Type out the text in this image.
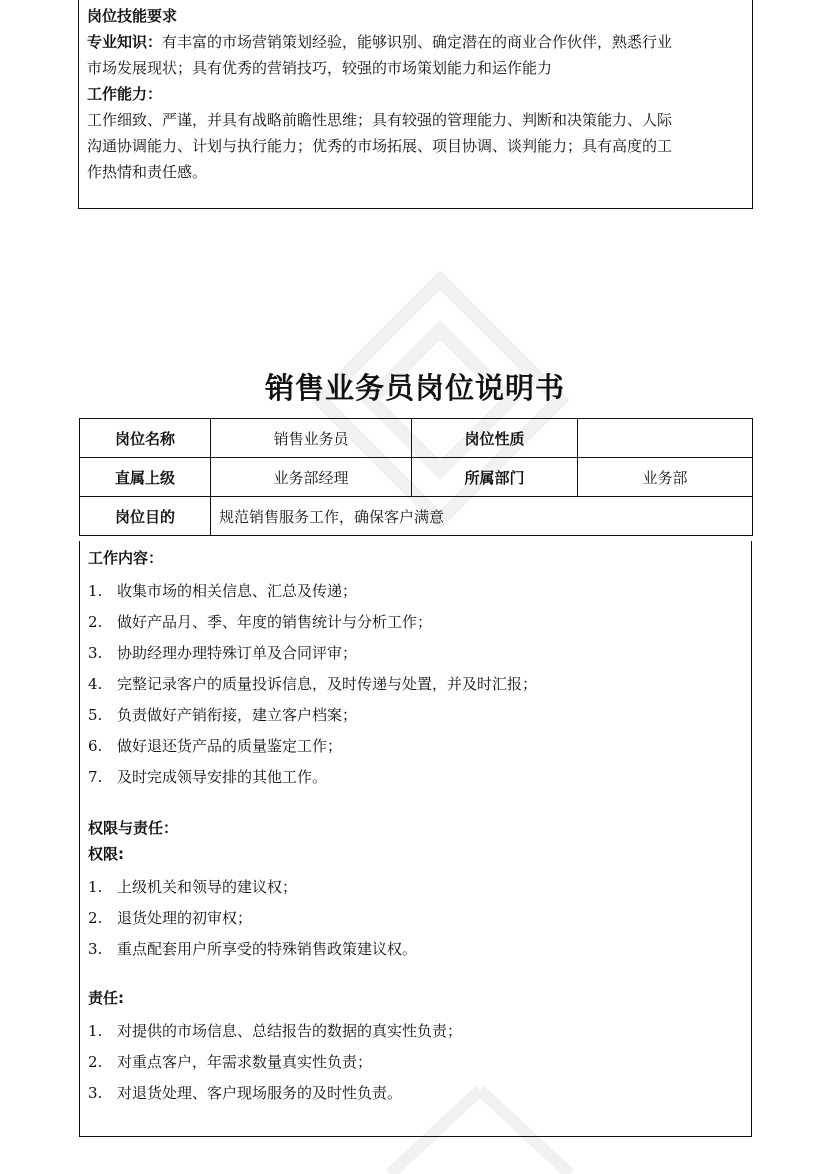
岗位技能要求
专业知识：有丰富的市场营销策划经验，能够识别、确定潜在的商业合作伙伴，熟悉行业
市场发展现状；具有优秀的营销技巧，较强的市场策划能力和运作能力
工作能力：
工作细致、严谨，并具有战略前瞻性思维；具有较强的管理能力、判断和决策能力、人际
沟通协调能力、计划与执行能力；优秀的市场拓展、项目协调、谈判能力；具有高度的工
作热情和责任感。
销售业务员岗位说明书
岗位名称	销售业务员	岗位性质	
直属上级	业务部经理	所属部门	业务部
岗位目的	规范销售服务工作，确保客户满意		
工作内容：
1. 收集市场的相关信息、汇总及传递；
2. 做好产品月、季、年度的销售统计与分析工作；
3. 协助经理办理特殊订单及合同评审；
4. 完整记录客户的质量投诉信息，及时传递与处置，并及时汇报；
5. 负责做好产销衔接，建立客户档案；
6. 做好退还货产品的质量鉴定工作；
7. 及时完成领导安排的其他工作。
权限与责任：
权限:
1. 上级机关和领导的建议权；
2. 退货处理的初审权；
3. 重点配套用户所享受的特殊销售政策建议权。
责任:
1. 对提供的市场信息、总结报告的数据的真实性负责；
2. 对重点客户，年需求数量真实性负责；
3. 对退货处理、客户现场服务的及时性负责。
